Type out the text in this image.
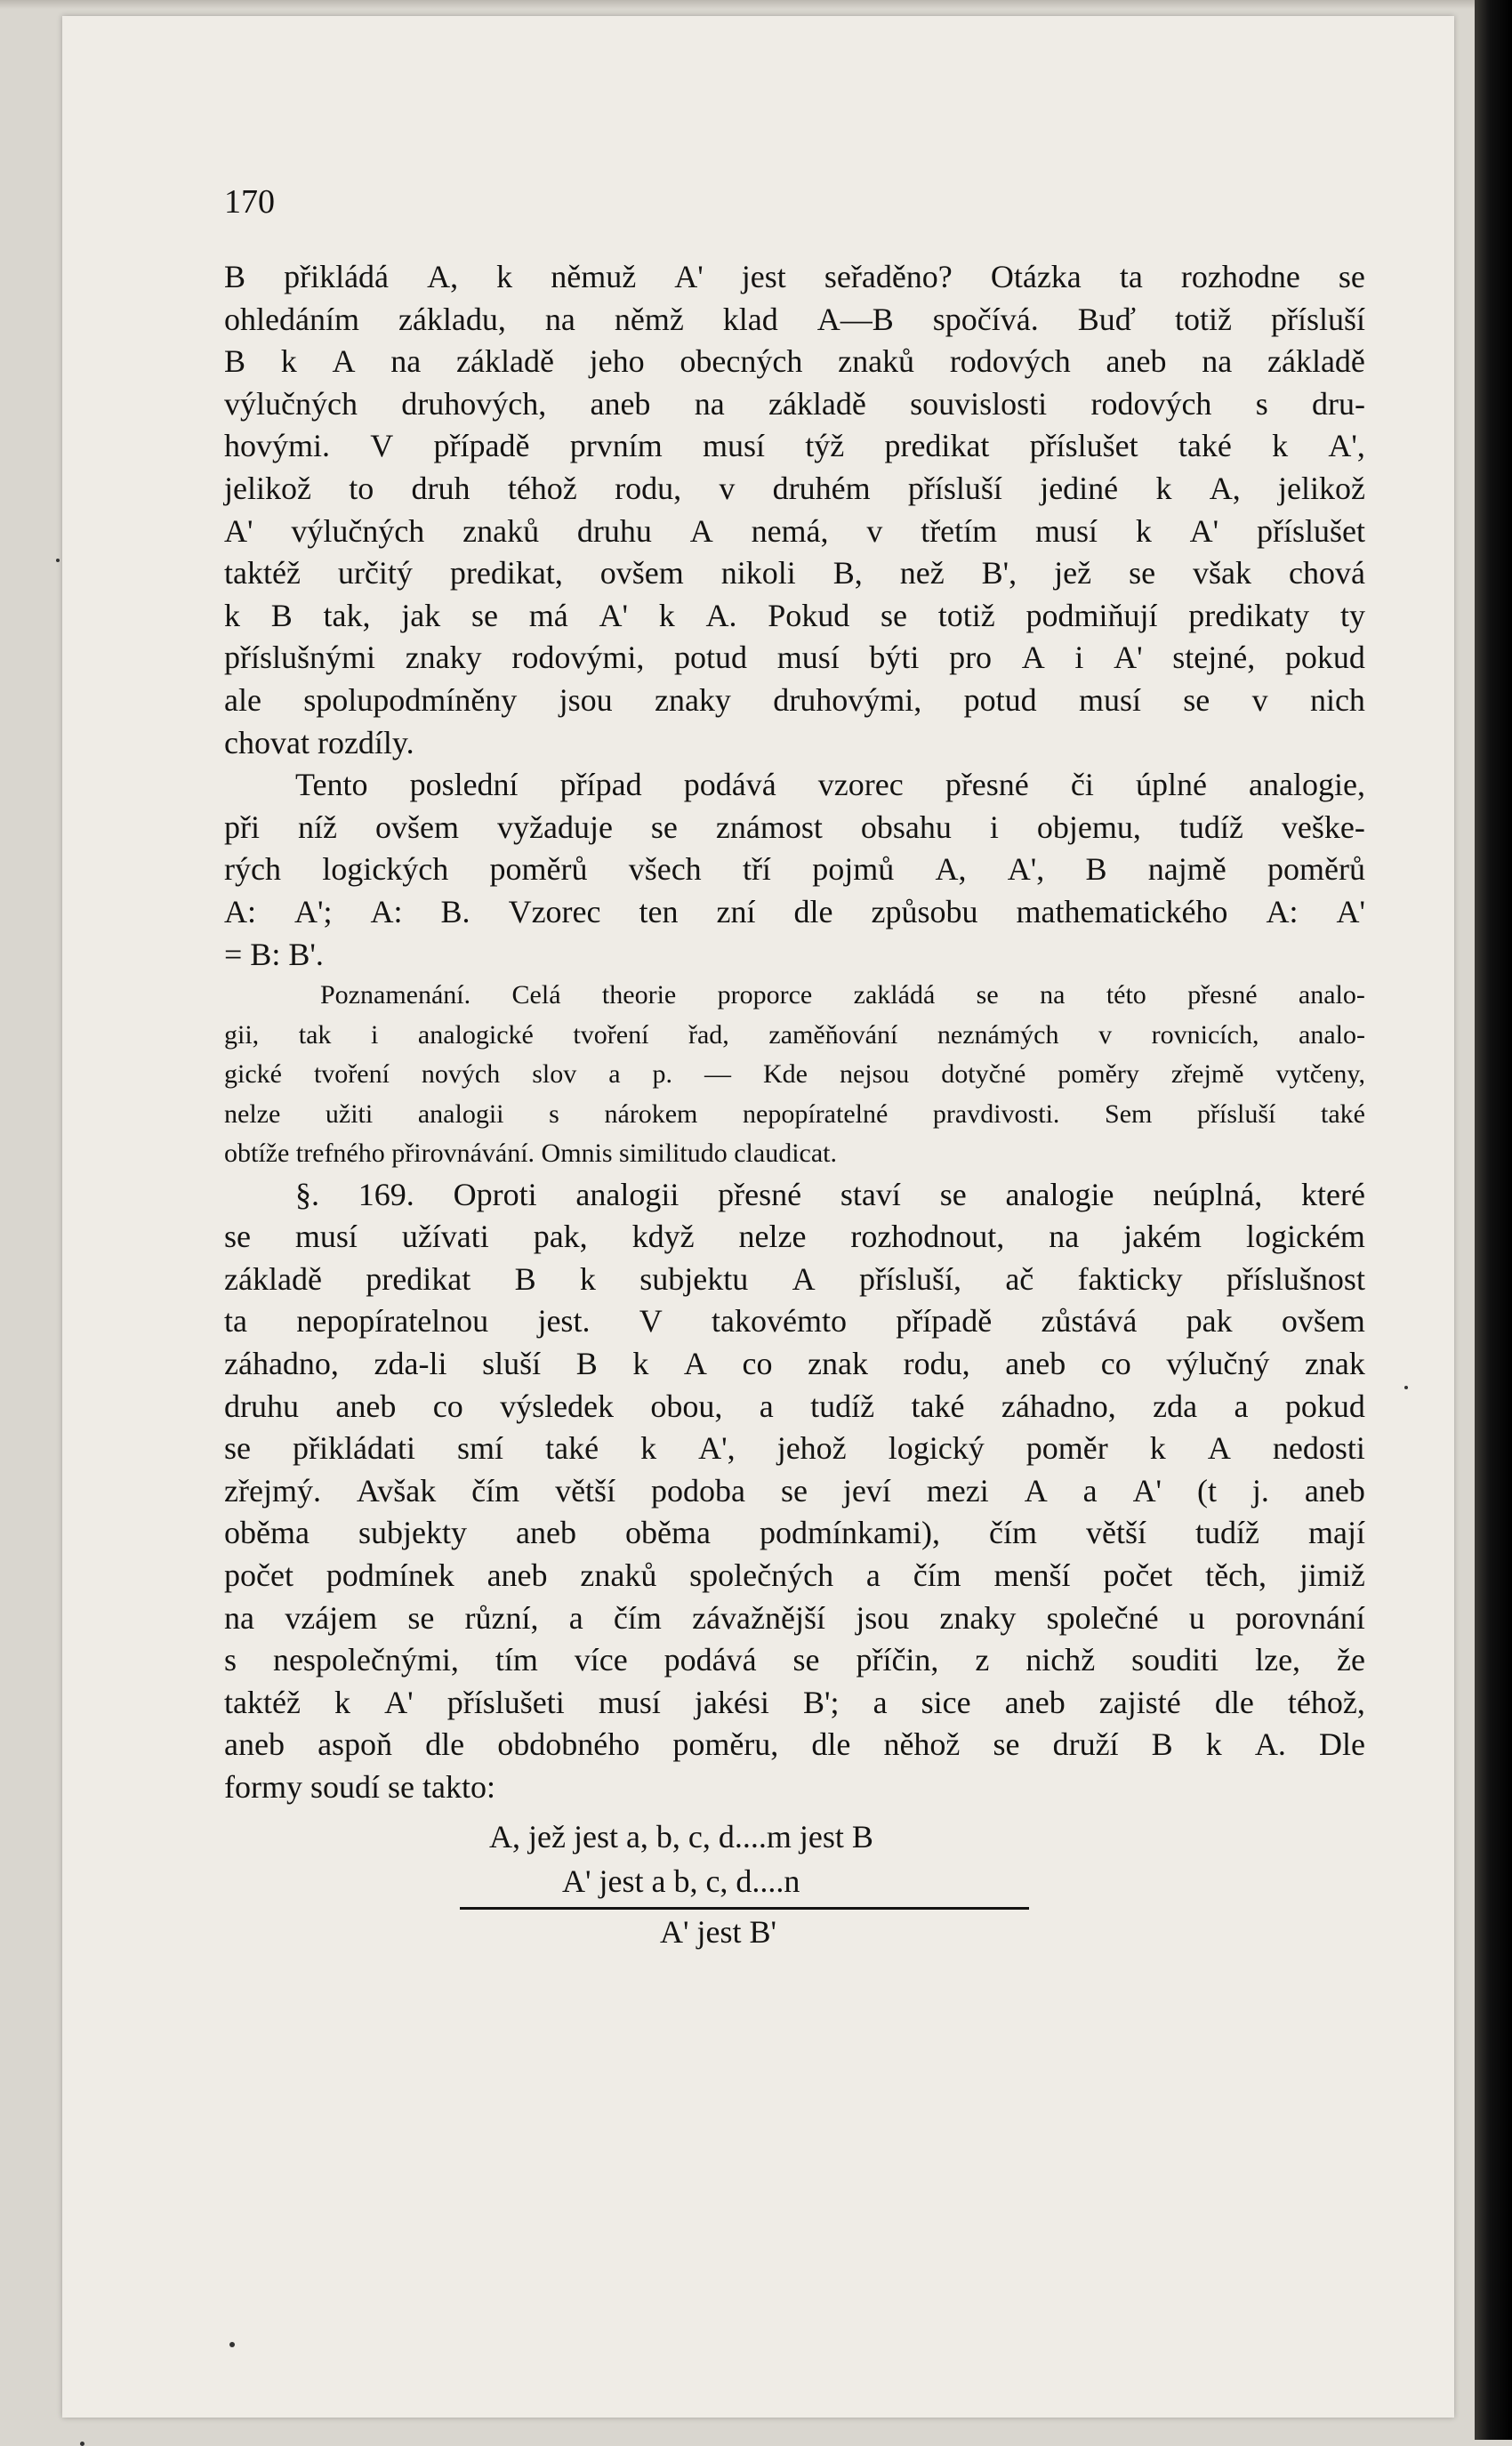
170
B přikládá A, k němuž A' jest seřaděno? Otázka ta rozhodne se
ohledáním základu, na němž klad A—B spočívá. Buď totiž přísluší
B k A na základě jeho obecných znaků rodových aneb na základě
výlučných druhových, aneb na základě souvislosti rodových s dru-
hovými. V případě prvním musí týž predikat příslušet také k A',
jelikož to druh téhož rodu, v druhém přísluší jediné k A, jelikož
A' výlučných znaků druhu A nemá, v třetím musí k A' příslušet
taktéž určitý predikat, ovšem nikoli B, než B', jež se však chová
k B tak, jak se má A' k A. Pokud se totiž podmiňují predikaty ty
příslušnými znaky rodovými, potud musí býti pro A i A' stejné, pokud
ale spolupodmíněny jsou znaky druhovými, potud musí se v nich
chovat rozdíly.
Tento poslední případ podává vzorec přesné či úplné analogie,
při níž ovšem vyžaduje se známost obsahu i objemu, tudíž veške-
rých logických poměrů všech tří pojmů A, A', B najmě poměrů
A: A'; A: B. Vzorec ten zní dle způsobu mathematického A: A'
= B: B'.
Poznamenání. Celá theorie proporce zakládá se na této přesné analo-
gii, tak i analogické tvoření řad, zaměňování neznámých v rovnicích, analo-
gické tvoření nových slov a p. — Kde nejsou dotyčné poměry zřejmě vytčeny,
nelze užiti analogii s nárokem nepopíratelné pravdivosti. Sem přísluší také
obtíže trefného přirovnávání. Omnis similitudo claudicat.
§. 169. Oproti analogii přesné staví se analogie neúplná, které
se musí užívati pak, když nelze rozhodnout, na jakém logickém
základě predikat B k subjektu A přísluší, ač fakticky příslušnost
ta nepopíratelnou jest. V takovémto případě zůstává pak ovšem
záhadno, zda-li sluší B k A co znak rodu, aneb co výlučný znak
druhu aneb co výsledek obou, a tudíž také záhadno, zda a pokud
se přikládati smí také k A', jehož logický poměr k A nedosti
zřejmý. Avšak čím větší podoba se jeví mezi A a A' (t j. aneb
oběma subjekty aneb oběma podmínkami), čím větší tudíž mají
počet podmínek aneb znaků společných a čím menší počet těch, jimiž
na vzájem se různí, a čím závažnější jsou znaky společné u porovnání
s nespolečnými, tím více podává se příčin, z nichž souditi lze, že
taktéž k A' příslušeti musí jakési B'; a sice aneb zajisté dle téhož,
aneb aspoň dle obdobného poměru, dle něhož se druží B k A. Dle
formy soudí se takto:
A, jež jest a, b, c, d....m jest B
A' jest a b, c, d....n
A' jest B'
